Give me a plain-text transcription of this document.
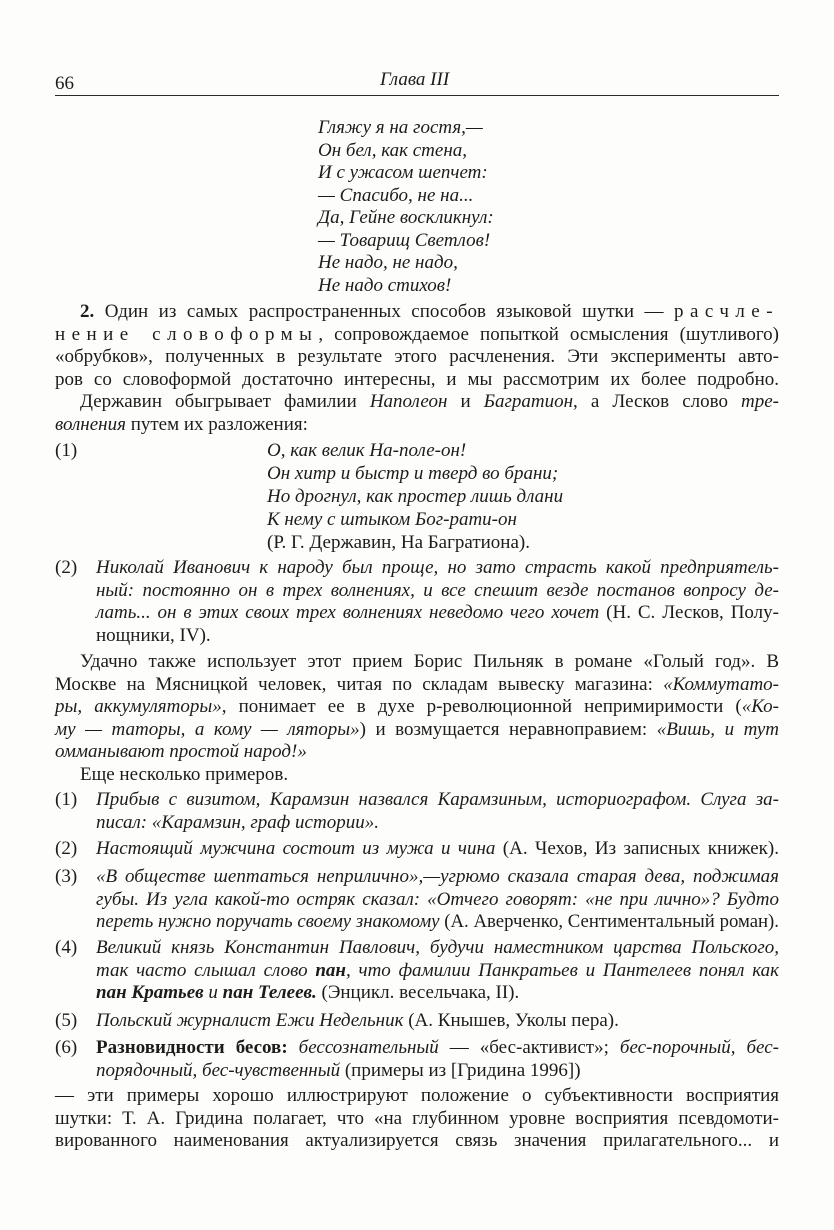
66	Глава III
Гляжу я на гостя,—
Он бел, как стена,
И с ужасом шепчет:
— Спасибо, не на...
Да, Гейне воскликнул:
— Товарищ Светлов!
Не надо, не надо,
Не надо стихов!
2. Один из самых распространенных способов языковой шутки — расчле-
нение словоформы, сопровождаемое попыткой осмысления (шутливого)
«обрубков», полученных в результате этого расчленения. Эти эксперименты авто-
ров со словоформой достаточно интересны, и мы рассмотрим их более подробно.
Державин обыгрывает фамилии Наполеон и Багратион, а Лесков слово тре-
волнения путем их разложения:
(1)	О, как велик На-поле-он!
Он хитр и быстр и тверд во брани;
Но дрогнул, как простер лишь длани
К нему с штыком Бог-рати-он
(Р. Г. Державин, На Багратиона).
(2) Николай Иванович к народу был проще, но зато страсть какой предприятель-
ный: постоянно он в трех волнениях, и все спешит везде постанов вопросу де-
лать... он в этих своих трех волнениях неведомо чего хочет (Н. С. Лесков, Полу-
нощники, IV).
Удачно также использует этот прием Борис Пильняк в романе «Голый год». В
Москве на Мясницкой человек, читая по складам вывеску магазина: «Коммутато-
ры, аккумуляторы», понимает ее в духе р-революционной непримиримости («Ко-
му — таторы, а кому — ляторы») и возмущается неравноправием: «Вишь, и тут
омманывают простой народ!»
Еще несколько примеров.
(1) Прибыв с визитом, Карамзин назвался Карамзиным, историографом. Слуга за-
писал: «Карамзин, граф истории».
(2) Настоящий мужчина состоит из мужа и чина (А. Чехов, Из записных книжек).
(3) «В обществе шептаться неприлично»,—угрюмо сказала старая дева, поджимая
губы. Из угла какой-то остряк сказал: «Отчего говорят: «не при лично»? Будто
переть нужно поручать своему знакомому (А. Аверченко, Сентиментальный роман).
(4) Великий князь Константин Павлович, будучи наместником царства Польского,
так часто слышал слово пан, что фамилии Панкратьев и Пантелеев понял как
пан Кратьев и пан Телеев. (Энцикл. весельчака, II).
(5) Польский журналист Ежи Недельник (А. Кнышев, Уколы пера).
(6) Разновидности бесов: бессознательный — «бес-активист»; бес-порочный, бес-
порядочный, бес-чувственный (примеры из [Гридина 1996])
— эти примеры хорошо иллюстрируют положение о субъективности восприятия
шутки: Т. А. Гридина полагает, что «на глубинном уровне восприятия псевдомоти-
вированного наименования актуализируется связь значения прилагательного... и
